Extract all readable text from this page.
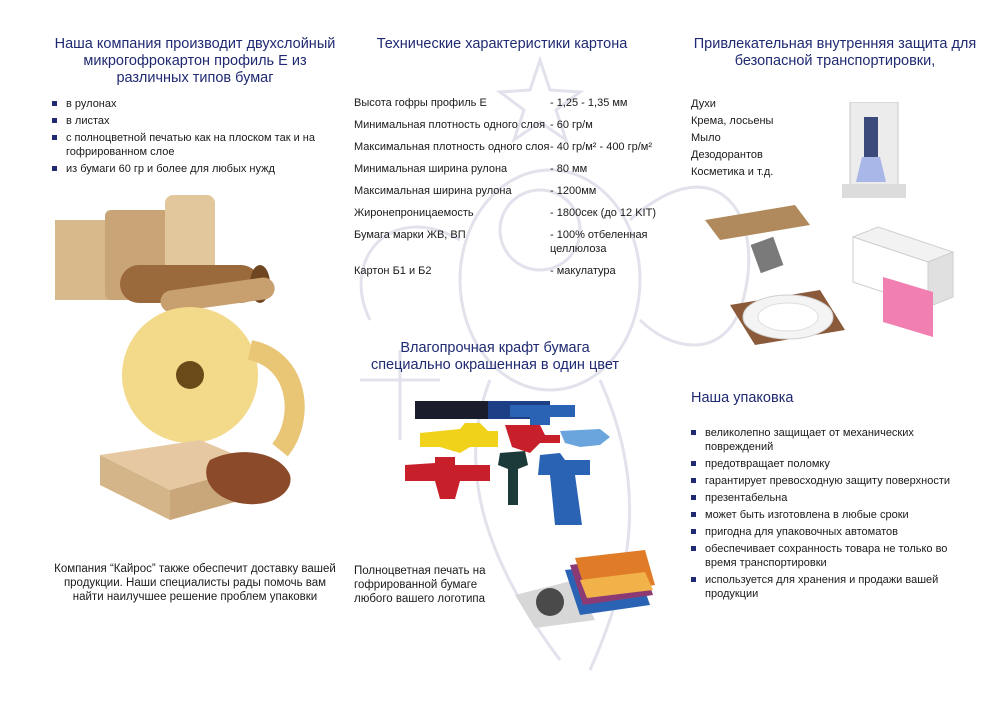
Наша компания производит двухслойный микрогофрокартон профиль Е из различных типов бумаг
в рулонах
в листах
с полноцветной печатью как на плоском так и на гофрированном слое
из бумаги 60 гр и более для любых нужд
Компания “Кайрос” также обеспечит доставку вашей продукции. Наши специалисты рады помочь вам найти наилучшее решение проблем упаковки
Технические характеристики картона
Высота гофры профиль Е	- 1,25 - 1,35 мм
Минимальная плотность одного слоя - 60 гр/м
Максимальная плотность одного слоя - 40 гр/м² - 400 гр/м²
Минимальная ширина рулона	- 80 мм
Максимальная ширина рулона	- 1200мм
Жиронепроницаемость	- 1800сек (до 12 KIT)
Бумага марки ЖВ, ВП	- 100% отбеленная целлюлоза
Картон Б1 и Б2	- макулатура
Влагопрочная крафт бумага специально окрашенная в один цвет
Полноцветная печать на гофрированной бумаге любого вашего логотипа
Привлекательная внутренняя защита для безопасной транспортировки,
Духи
Крема, лосьены
Мыло
Дезодорантов
Косметика и т.д.
Наша упаковка
великолепно защищает от механических повреждений
предотвращает поломку
гарантирует превосходную защиту поверхности
презентабельна
может быть изготовлена в любые сроки
пригодна для упаковочных автоматов
обеспечивает сохранность товара не только во время транспортировки
используется для хранения и продажи вашей продукции
